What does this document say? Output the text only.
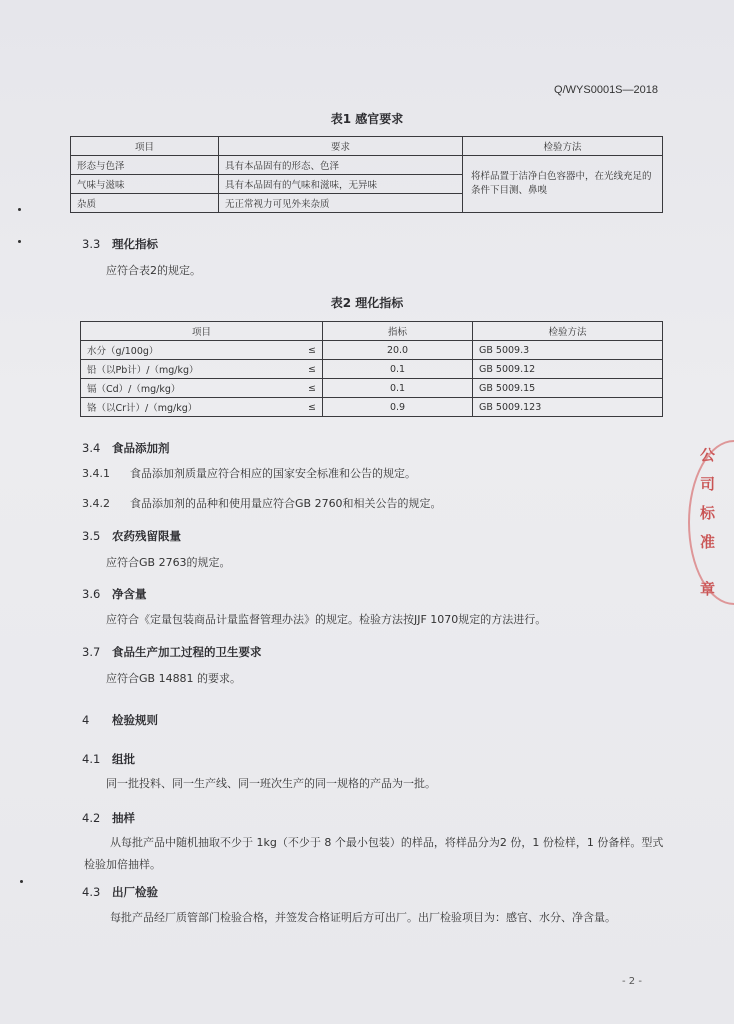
Q/WYS0001S—2018
表1 感官要求
项目	要求	检验方法
形态与色泽	具有本品固有的形态、色泽	将样品置于洁净白色容器中，在光线充足的条件下目测、鼻嗅
气味与滋味	具有本品固有的气味和滋味，无异味	
杂质	无正常视力可见外来杂质	
3.3 理化指标
应符合表2的规定。
表2 理化指标
项目		指标	检验方法
水分（g/100g）	≤	20.0	GB 5009.3
铅（以Pb计）/（mg/kg）	≤	0.1	GB 5009.12
镉（Cd）/（mg/kg）	≤	0.1	GB 5009.15
铬（以Cr计）/（mg/kg）	≤	0.9	GB 5009.123
3.4 食品添加剂
3.4.1 食品添加剂质量应符合相应的国家安全标准和公告的规定。
3.4.2 食品添加剂的品种和使用量应符合GB 2760和相关公告的规定。
3.5 农药残留限量
应符合GB 2763的规定。
3.6 净含量
应符合《定量包装商品计量监督管理办法》的规定。检验方法按JJF 1070规定的方法进行。
3.7 食品生产加工过程的卫生要求
应符合GB 14881 的要求。
4 检验规则
4.1 组批
同一批投料、同一生产线、同一班次生产的同一规格的产品为一批。
4.2 抽样
从每批产品中随机抽取不少于 1kg（不少于 8 个最小包装）的样品，将样品分为2 份，1 份检样，1 份备样。型式检验加倍抽样。
4.3 出厂检验
每批产品经厂质管部门检验合格，并签发合格证明后方可出厂。出厂检验项目为：感官、水分、净含量。
- 2 -
公
司
标
准
章
